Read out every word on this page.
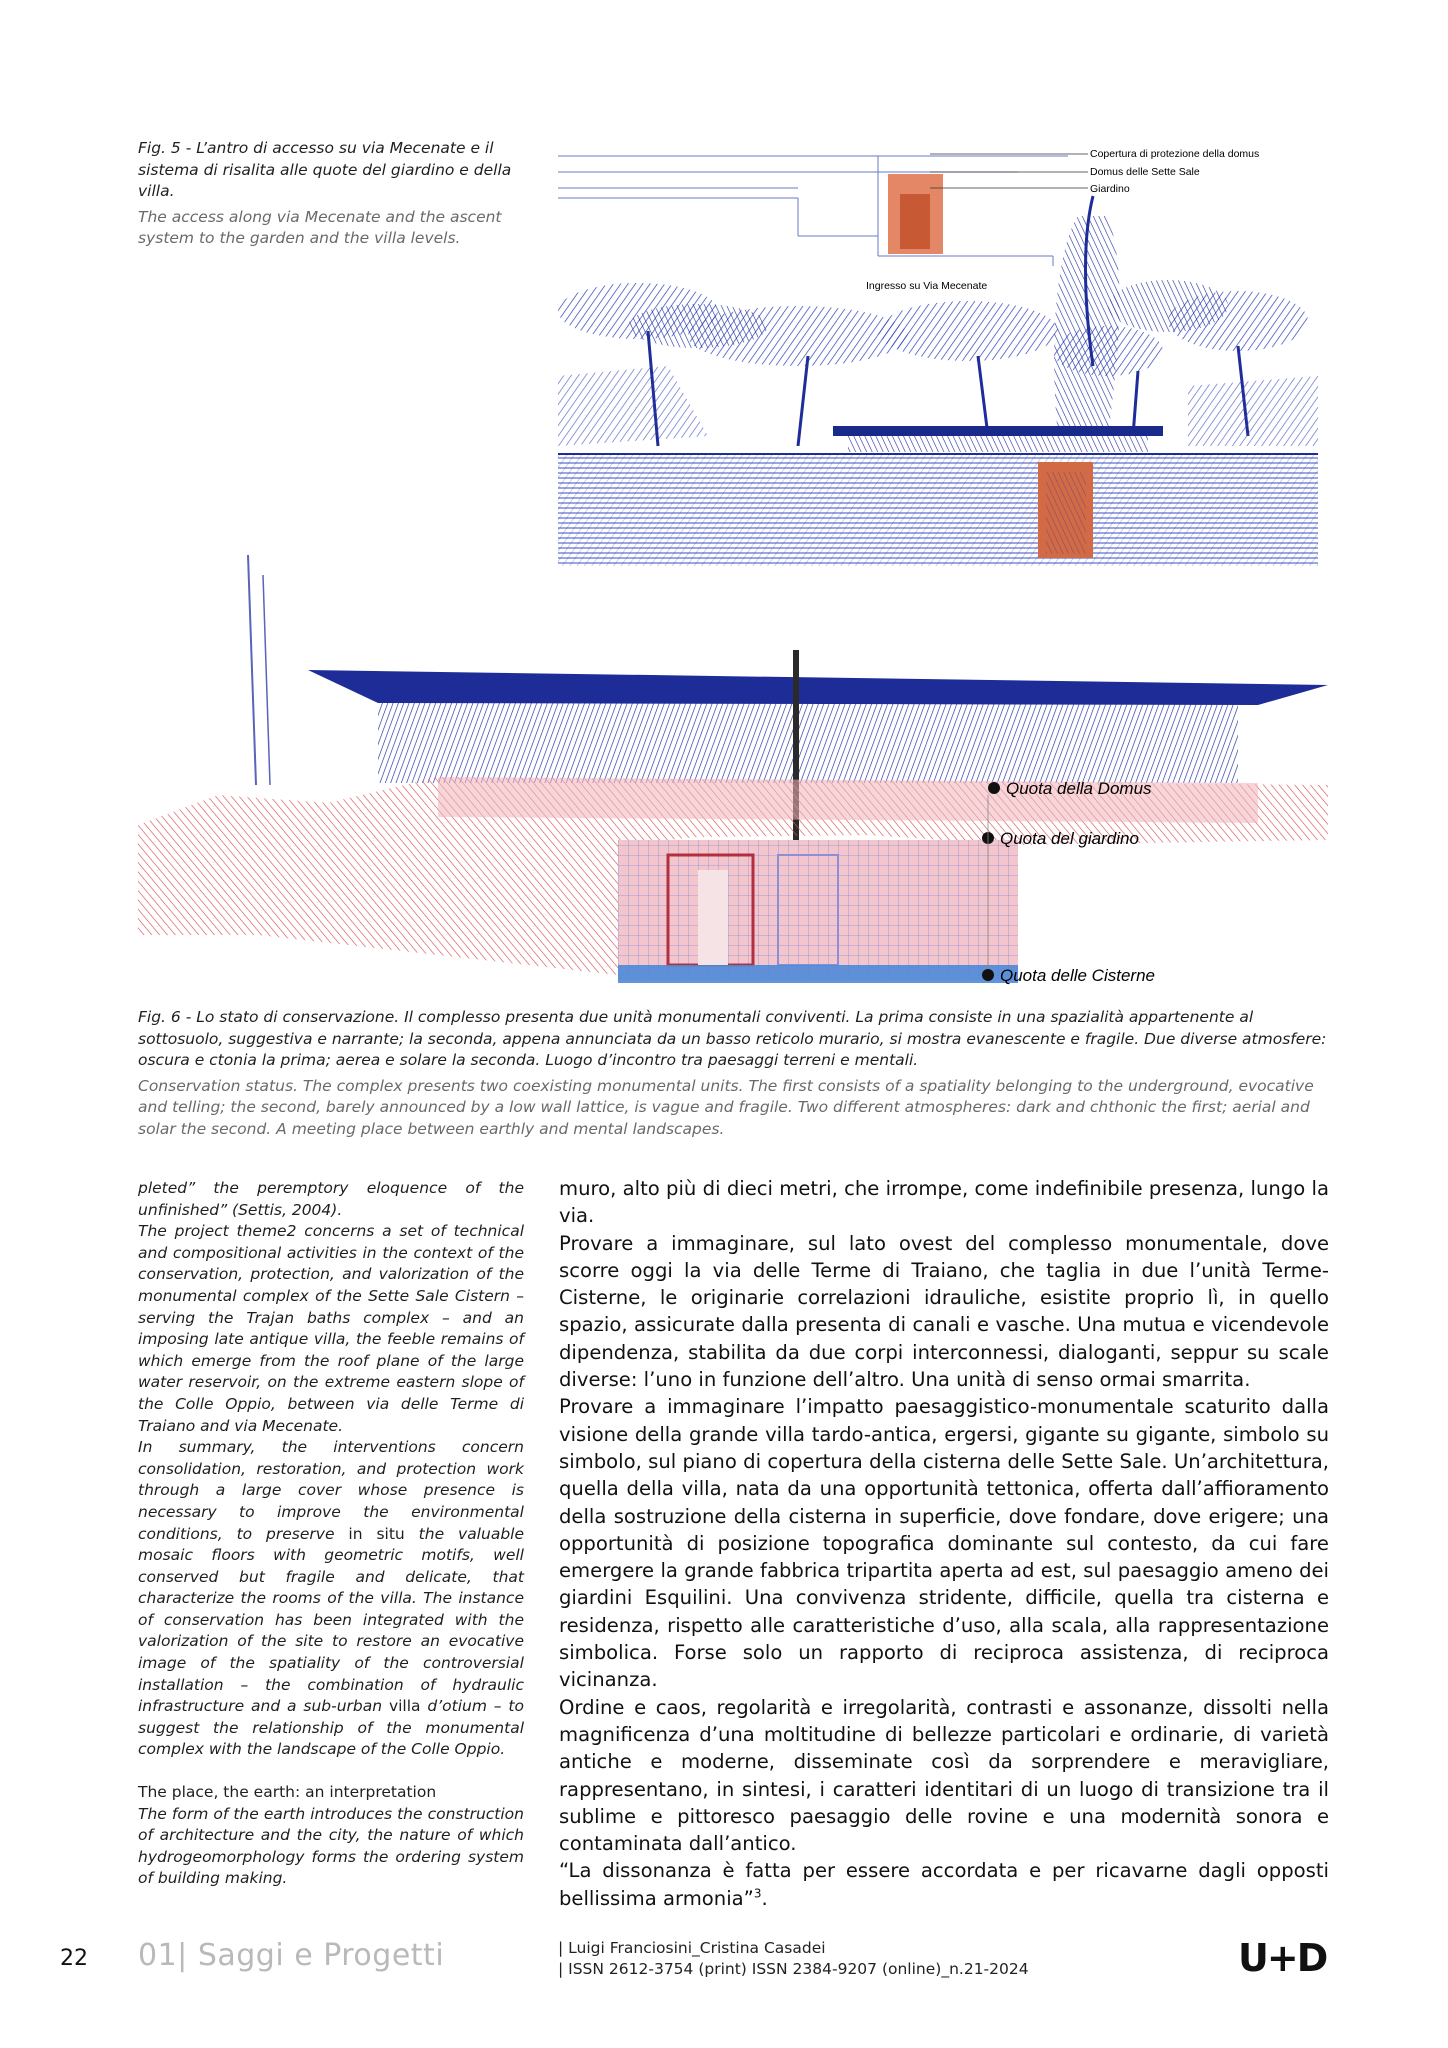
Fig. 5 - L’antro di accesso su via Mecenate e il sistema di risalita alle quote del giardino e della villa.

The access along via Mecenate and the ascent system to the garden and the villa levels.

Copertura di protezione della domus
Domus delle Sette Sale
Giardino
Ingresso su Via Mecenate
Quota della Domus
Quota del giardino
Quota delle Cisterne

Fig. 6 - Lo stato di conservazione. Il complesso presenta due unità monumentali conviventi. La prima consiste in una spazialità appartenente al sottosuolo, suggestiva e narrante; la seconda, appena annunciata da un basso reticolo murario, si mostra evanescente e fragile. Due diverse atmosfere: oscura e ctonia la prima; aerea e solare la seconda. Luogo d’incontro tra paesaggi terreni e mentali.

Conservation status. The complex presents two coexisting monumental units. The first consists of a spatiality belonging to the underground, evocative and telling; the second, barely announced by a low wall lattice, is vague and fragile. Two different atmospheres: dark and chthonic the first; aerial and solar the second. A meeting place between earthly and mental landscapes.

pleted” the peremptory eloquence of the unfinished” (Settis, 2004).

The project theme2 concerns a set of technical and compositional activities in the context of the conservation, protection, and valorization of the monumental complex of the Sette Sale Cistern – serving the Trajan baths complex – and an imposing late antique villa, the feeble remains of which emerge from the roof plane of the large water reservoir, on the extreme eastern slope of the Colle Oppio, between via delle Terme di Traiano and via Mecenate.

In summary, the interventions concern consolidation, restoration, and protection work through a large cover whose presence is necessary to improve the environmental conditions, to preserve in situ the valuable mosaic floors with geometric motifs, well conserved but fragile and delicate, that characterize the rooms of the villa. The instance of conservation has been integrated with the valorization of the site to restore an evocative image of the spatiality of the controversial installation – the combination of hydraulic infrastructure and a sub-urban villa d’otium – to suggest the relationship of the monumental complex with the landscape of the Colle Oppio.

The place, the earth: an interpretation

The form of the earth introduces the construction of architecture and the city, the nature of which hydrogeomorphology forms the ordering system of building making.

muro, alto più di dieci metri, che irrompe, come indefinibile presenza, lungo la via.

Provare a immaginare, sul lato ovest del complesso monumentale, dove scorre oggi la via delle Terme di Traiano, che taglia in due l’unità Terme-Cisterne, le originarie correlazioni idrauliche, esistite proprio lì, in quello spazio, assicurate dalla presenta di canali e vasche. Una mutua e vicendevole dipendenza, stabilita da due corpi interconnessi, dialoganti, seppur su scale diverse: l’uno in funzione dell’altro. Una unità di senso ormai smarrita.

Provare a immaginare l’impatto paesaggistico-monumentale scaturito dalla visione della grande villa tardo-antica, ergersi, gigante su gigante, simbolo su simbolo, sul piano di copertura della cisterna delle Sette Sale. Un’architettura, quella della villa, nata da una opportunità tettonica, offerta dall’affioramento della sostruzione della cisterna in superficie, dove fondare, dove erigere; una opportunità di posizione topografica dominante sul contesto, da cui fare emergere la grande fabbrica tripartita aperta ad est, sul paesaggio ameno dei giardini Esquilini. Una convivenza stridente, difficile, quella tra cisterna e residenza, rispetto alle caratteristiche d’uso, alla scala, alla rappresentazione simbolica. Forse solo un rapporto di reciproca assistenza, di reciproca vicinanza.

Ordine e caos, regolarità e irregolarità, contrasti e assonanze, dissolti nella magnificenza d’una moltitudine di bellezze particolari e ordinarie, di varietà antiche e moderne, disseminate così da sorprendere e meravigliare, rappresentano, in sintesi, i caratteri identitari di un luogo di transizione tra il sublime e pittoresco paesaggio delle rovine e una modernità sonora e contaminata dall’antico.

“La dissonanza è fatta per essere accordata e per ricavarne dagli opposti bellissima armonia”$^3$.

22 01| Saggi e Progetti	| Luigi Franciosini_Cristina Casadei
| ISSN 2612-3754 (print) ISSN 2384-9207 (online)_n.21-2024	U+D
